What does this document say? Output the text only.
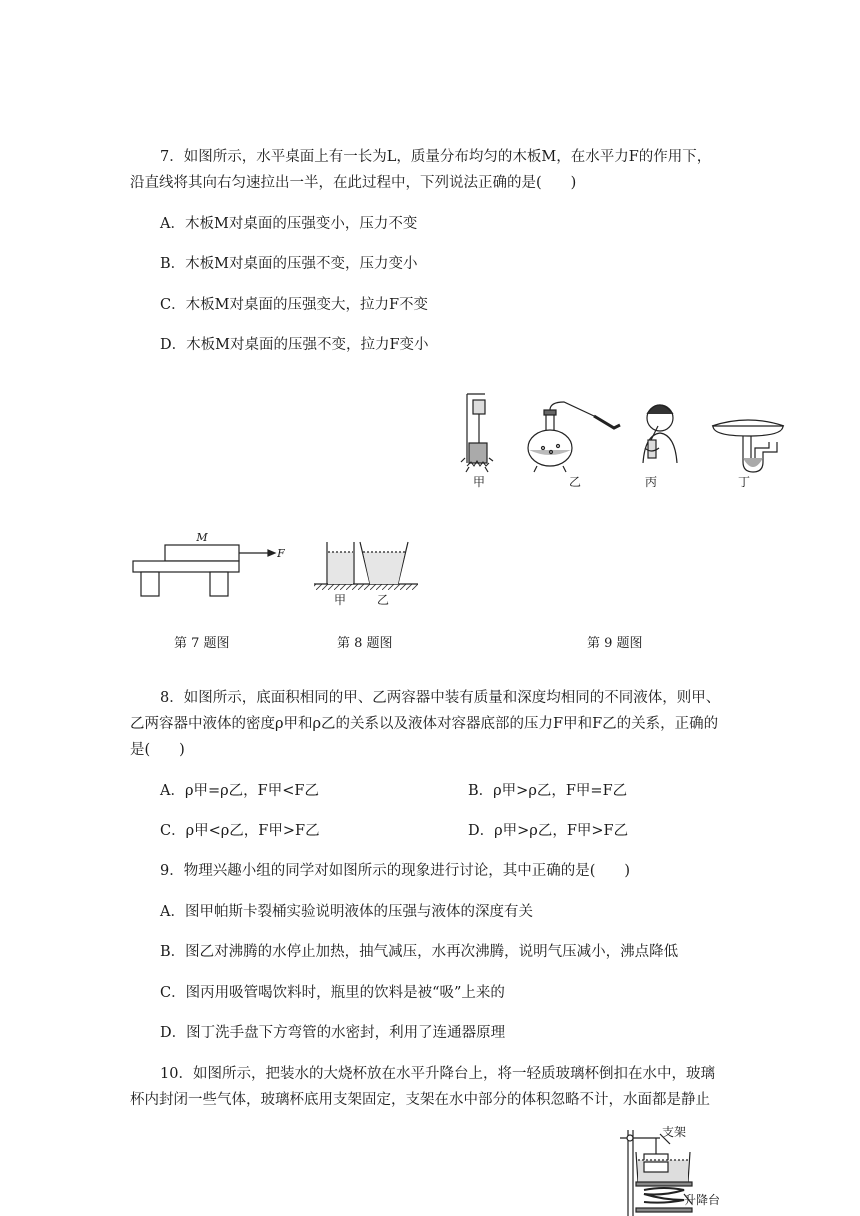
7．如图所示，水平桌面上有一长为L，质量分布均匀的木板M，在水平力F的作用下，
沿直线将其向右匀速拉出一半，在此过程中，下列说法正确的是(　　)
A．木板M对桌面的压强变小，压力不变
B．木板M对桌面的压强不变，压力变小
C．木板M对桌面的压强变大，拉力F不变
D．木板M对桌面的压强不变，拉力F变小
甲	乙	丙	丁
M
F
甲	乙
第 7 题图	第 8 题图	第 9 题图
8．如图所示，底面积相同的甲、乙两容器中装有质量和深度均相同的不同液体，则甲、
乙两容器中液体的密度ρ甲和ρ乙的关系以及液体对容器底部的压力F甲和F乙的关系，正确的
是(　　)
A．ρ甲=ρ乙，F甲<F乙	B．ρ甲>ρ乙，F甲=F乙
C．ρ甲<ρ乙，F甲>F乙	D．ρ甲>ρ乙，F甲>F乙
9．物理兴趣小组的同学对如图所示的现象进行讨论，其中正确的是(　　)
A．图甲帕斯卡裂桶实验说明液体的压强与液体的深度有关
B．图乙对沸腾的水停止加热，抽气减压，水再次沸腾，说明气压减小，沸点降低
C．图丙用吸管喝饮料时，瓶里的饮料是被“吸”上来的
D．图丁洗手盘下方弯管的水密封，利用了连通器原理
10．如图所示，把装水的大烧杯放在水平升降台上，将一轻质玻璃杯倒扣在水中，玻璃
杯内封闭一些气体，玻璃杯底用支架固定，支架在水中部分的体积忽略不计，水面都是静止
支架
升降台
